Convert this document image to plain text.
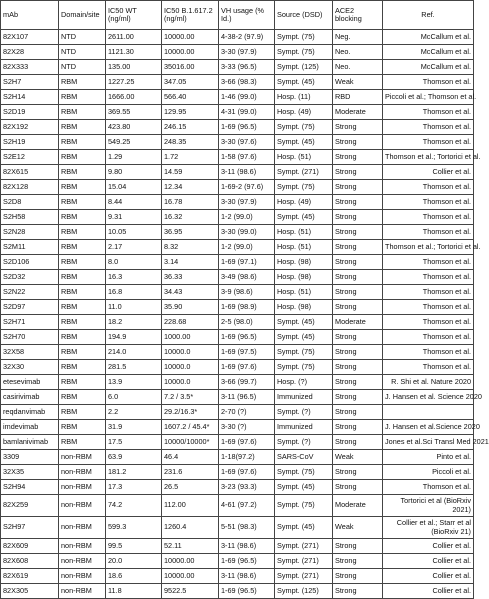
mAb	Domain/site	IC50 WT (ng/ml)	IC50 B.1.617.2 (ng/ml)	VH usage (% Id.)	Source (DSD)	ACE2 blocking	Ref.
82X107	NTD	2611.00	10000.00	4-38-2 (97.9)	Sympt. (75)	Neg.	McCallum et al.
82X28	NTD	1121.30	10000.00	3-30 (97.9)	Sympt. (75)	Neo.	McCallum et al.
82X333	NTD	135.00	35016.00	3-33 (96.5)	Sympt. (125)	Neo.	McCallum et al.
S2H7	RBM	1227.25	347.05	3-66 (98.3)	Sympt. (45)	Weak	Thomson et al.
S2H14	RBM	1666.00	566.40	1-46 (99.0)	Hosp. (11)	RBD	Piccoli et al.; Thomson et al.
S2D19	RBM	369.55	129.95	4-31 (99.0)	Hosp. (49)	Moderate	Thomson et al.
82X192	RBM	423.80	246.15	1-69 (96.5)	Sympt. (75)	Strong	Thomson et al.
S2H19	RBM	549.25	248.35	3-30 (97.6)	Sympt. (45)	Strong	Thomson et al.
S2E12	RBM	1.29	1.72	1-58 (97.6)	Hosp. (51)	Strong	Thomson et al.; Tortorici et al.
82X615	RBM	9.80	14.59	3-11 (98.6)	Sympt. (271)	Strong	Collier et al.
82X128	RBM	15.04	12.34	1-69-2 (97.6)	Sympt. (75)	Strong	Thomson et al.
S2D8	RBM	8.44	16.78	3-30 (97.9)	Hosp. (49)	Strong	Thomson et al.
S2H58	RBM	9.31	16.32	1-2 (99.0)	Sympt. (45)	Strong	Thomson et al.
S2N28	RBM	10.05	36.95	3-30 (99.0)	Hosp. (51)	Strong	Thomson et al.
S2M11	RBM	2.17	8.32	1-2 (99.0)	Hosp. (51)	Strong	Thomson et al.; Tortorici et al.
S2D106	RBM	8.0	3.14	1-69 (97.1)	Hosp. (98)	Strong	Thomson et al.
S2D32	RBM	16.3	36.33	3-49 (98.6)	Hosp. (98)	Strong	Thomson et al.
S2N22	RBM	16.8	34.43	3-9 (98.6)	Hosp. (51)	Strong	Thomson et al.
S2D97	RBM	11.0	35.90	1-69 (98.9)	Hosp. (98)	Strong	Thomson et al.
S2H71	RBM	18.2	228.68	2-5 (98.0)	Sympt. (45)	Moderate	Thomson et al.
S2H70	RBM	194.9	1000.00	1-69 (96.5)	Sympt. (45)	Strong	Thomson et al.
32X58	RBM	214.0	10000.0	1-69 (97.5)	Sympt. (75)	Strong	Thomson et al.
32X30	RBM	281.5	10000.0	1-69 (97.6)	Sympt. (75)	Strong	Thomson et al.
etesevimab	RBM	13.9	10000.0	3-66 (99.7)	Hosp. (?)	Strong	R. Shi et al. Nature 2020
casirivimab	RBM	6.0	7.2 / 3.5*	3-11 (96.5)	Immunized	Strong	J. Hansen et al. Science 2020
reqdanvimab	RBM	2.2	29.2/16.3*	2-70 (?)	Sympt. (?)	Strong	
imdevimab	RBM	31.9	1607.2 / 45.4*	3-30 (?)	Immunized	Strong	J. Hansen et al.Science 2020
bamlanivimab	RBM	17.5	10000/10000*	1-69 (97.6)	Sympt. (?)	Strong	Jones et al.Sci Transl Med 2021
3309	non-RBM	63.9	46.4	1-18(97.2)	SARS-CoV	Weak	Pinto et al.
32X35	non-RBM	181.2	231.6	1-69 (97.6)	Sympt. (75)	Strong	Piccoli et al.
S2H94	non-RBM	17.3	26.5	3-23 (93.3)	Sympt. (45)	Strong	Thomson et al.
82X259	non-RBM	74.2	112.00	4-61 (97.2)	Sympt. (75)	Moderate	Tortorici et al (BioRxiv 2021)
S2H97	non-RBM	599.3	1260.4	5-51 (98.3)	Sympt. (45)	Weak	Collier et al.; Starr et al (BioRxiv 21)
82X609	non-RBM	99.5	52.11	3-11 (98.6)	Sympt. (271)	Strong	Collier et al.
82X608	non-RBM	20.0	10000.00	1-69 (96.5)	Sympt. (271)	Strong	Collier et al.
82X619	non-RBM	18.6	10000.00	3-11 (98.6)	Sympt. (271)	Strong	Collier et al.
82X305	non-RBM	11.8	9522.5	1-69 (96.5)	Sympt. (125)	Strong	Collier et al.
